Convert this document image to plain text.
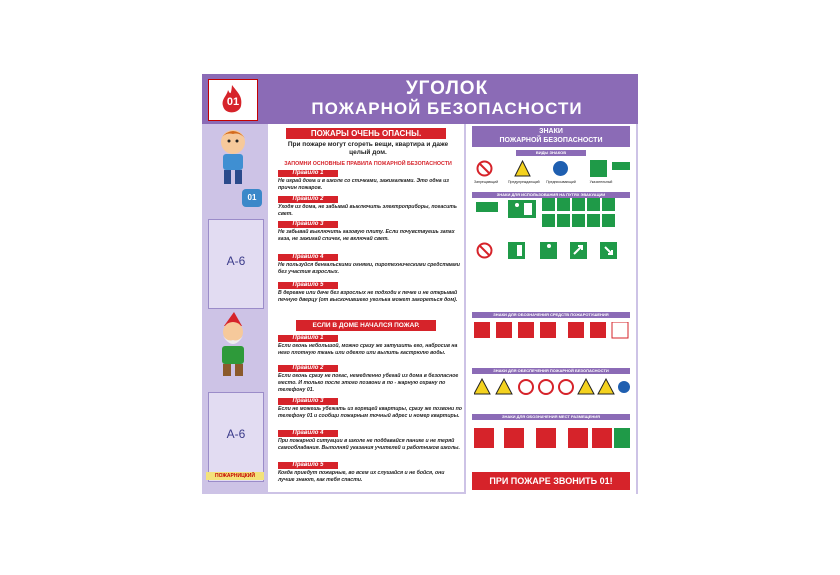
01
УГОЛОК
ПОЖАРНОЙ БЕЗОПАСНОСТИ
01
А-6
А-6
ПОЖАРНИЦКИЙ
ПОЖАРЫ ОЧЕНЬ ОПАСНЫ.
При пожаре могут сгореть вещи, квартира и даже целый дом.
ЗАПОМНИ ОСНОВНЫЕ ПРАВИЛА ПОЖАРНОЙ БЕЗОПАСНОСТИ
Правило 1
Не играй дома и в школе со спичками, зажигалками. Это одна из причин пожаров.
Правило 2
Уходя из дома, не забывай выключить электроприборы, погасить свет.
Правило 3
Не забывай выключить газовую плиту. Если почувствуешь запах газа, не зажигай спичек, не включай свет.
Правило 4
Не пользуйся бенгальскими огнями, пиротехническими средствами без участия взрослых.
Правило 5
В деревне или даче без взрослых не подходи к печке и не открывай печную дверцу (от выскочившего уголька может загореться дом).
ЕСЛИ В ДОМЕ НАЧАЛСЯ ПОЖАР.
Правило 1
Если огонь небольшой, можно сразу же затушить его, набросив на него плотную ткань или одеяло или вылить кастрюлю воды.
Правило 2
Если огонь сразу не погас, немедленно убегай из дома в безопасное место. И только после этого позвони в по - жарную охрану по телефону 01.
Правило 3
Если не можешь убежать из горящей квартиры, сразу же позвони по телефону 01 и сообщи пожарным точный адрес и номер квартиры.
Правило 4
При пожарной ситуации в школе не поддавайся панике и не теряй самообладания. Выполняй указания учителей и работников школы.
Правило 5
Когда приедут пожарные, во всем их слушайся и не бойся, они лучше знают, как тебя спасти.
ЗНАКИ
ПОЖАРНОЙ БЕЗОПАСНОСТИ
ВИДЫ ЗНАКОВ
Запрещающий	Предупреждающий Предписывающий	Указательный
ЗНАКИ ДЛЯ ИСПОЛЬЗОВАНИЯ НА ПУТЯХ ЭВАКУАЦИИ
ЗНАКИ ДЛЯ ОБОЗНАЧЕНИЯ СРЕДСТВ ПОЖАРОТУШЕНИЯ
ЗНАКИ ДЛЯ ОБЕСПЕЧЕНИЯ ПОЖАРНОЙ БЕЗОПАСНОСТИ
ЗНАКИ ДЛЯ ОБОЗНАЧЕНИЯ МЕСТ РАЗМЕЩЕНИЯ
ПРИ ПОЖАРЕ ЗВОНИТЬ 01!
